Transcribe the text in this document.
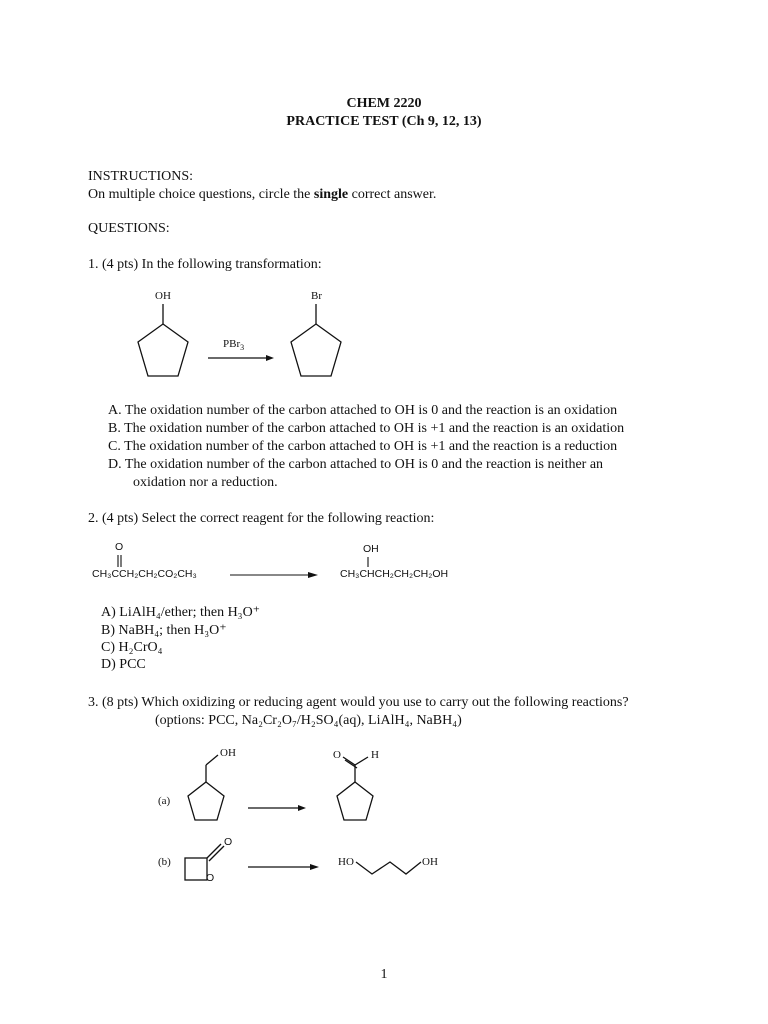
CHEM 2220
PRACTICE TEST (Ch 9, 12, 13)
INSTRUCTIONS:
On multiple choice questions, circle the single correct answer.
QUESTIONS:
1. (4 pts) In the following transformation:
OH	Br
PBr$_3$
A. The oxidation number of the carbon attached to OH is 0 and the reaction is an oxidation
B. The oxidation number of the carbon attached to OH is +1 and the reaction is an oxidation
C. The oxidation number of the carbon attached to OH is +1 and the reaction is a reduction
D. The oxidation number of the carbon attached to OH is 0 and the reaction is neither an
oxidation nor a reduction.
2. (4 pts) Select the correct reagent for the following reaction:
O
CH₃CCH₂CH₂CO₂CH₃
OH
CH₃CHCH₂CH₂CH₂OH
A) LiAlH₄/ether; then H₃O⁺
B) NaBH₄; then H₃O⁺
C) H₂CrO₄
D) PCC
3. (8 pts) Which oxidizing or reducing agent would you use to carry out the following reactions?
(options: PCC, Na₂Cr₂O₇/H₂SO₄(aq), LiAlH₄, NaBH₄)
(a)
OH	O	H
(b)
O
O
HO	OH
1
